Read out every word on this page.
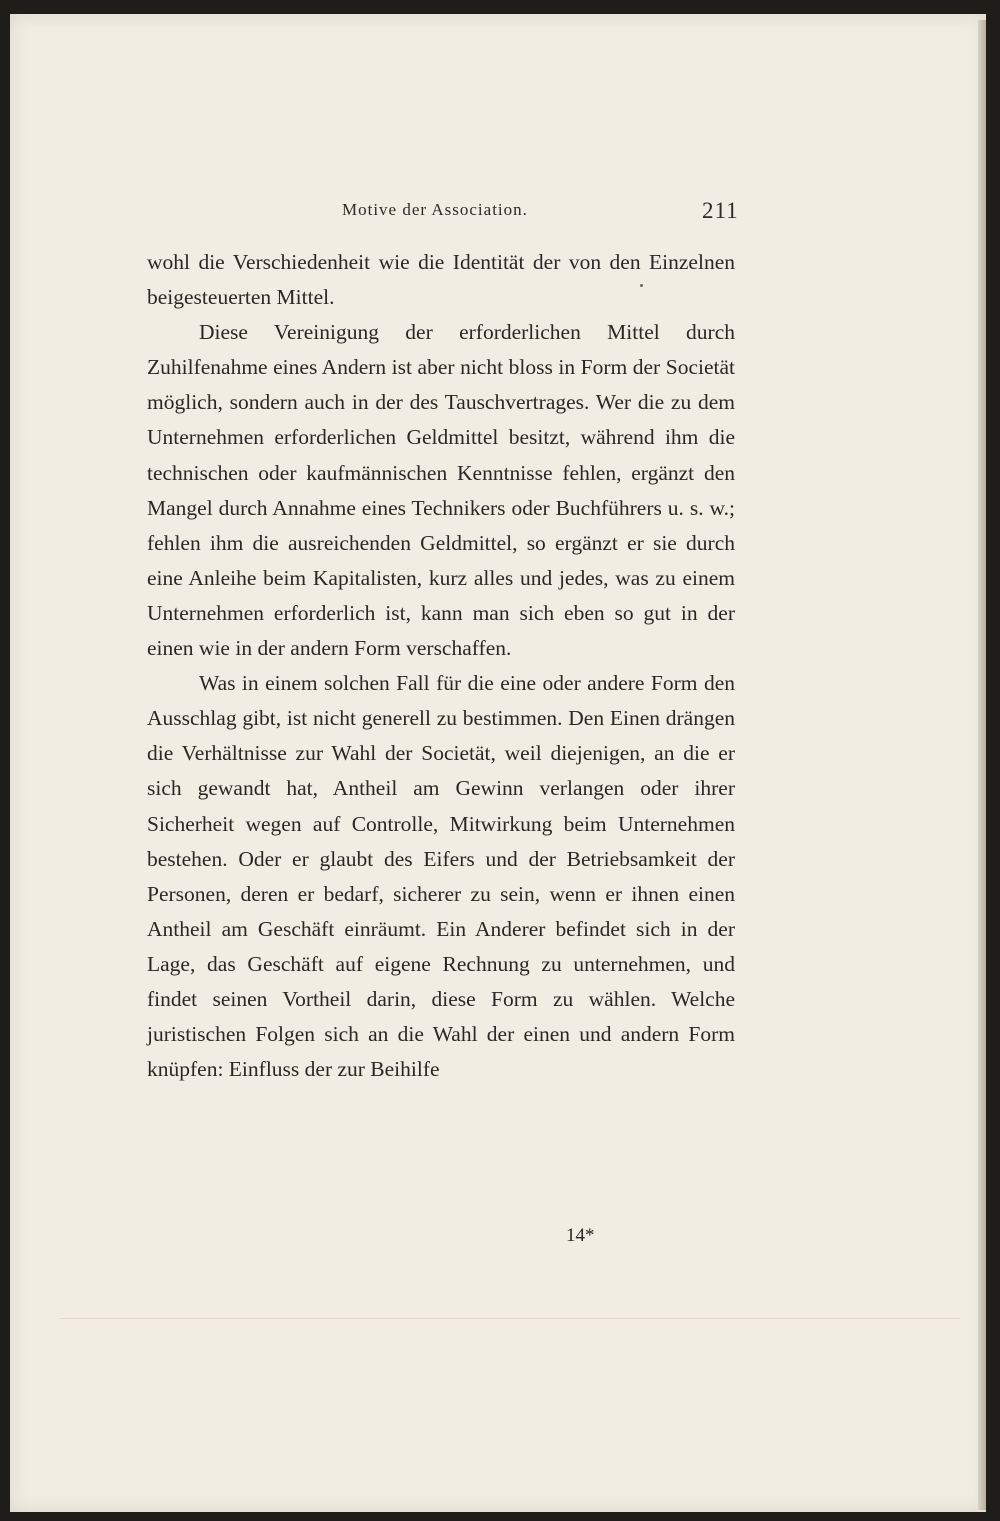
Motive der Association.	211

wohl die Verschiedenheit wie die Identität der von den Einzelnen beigesteuerten Mittel.

Diese Vereinigung der erforderlichen Mittel durch Zuhilfenahme eines Andern ist aber nicht bloss in Form der Societät möglich, sondern auch in der des Tauschvertrages. Wer die zu dem Unternehmen erforderlichen Geldmittel besitzt, während ihm die technischen oder kaufmännischen Kenntnisse fehlen, ergänzt den Mangel durch Annahme eines Technikers oder Buchführers u. s. w.; fehlen ihm die ausreichenden Geldmittel, so ergänzt er sie durch eine Anleihe beim Kapitalisten, kurz alles und jedes, was zu einem Unternehmen erforderlich ist, kann man sich eben so gut in der einen wie in der andern Form verschaffen.

Was in einem solchen Fall für die eine oder andere Form den Ausschlag gibt, ist nicht generell zu bestimmen. Den Einen drängen die Verhältnisse zur Wahl der Societät, weil diejenigen, an die er sich gewandt hat, Antheil am Gewinn verlangen oder ihrer Sicherheit wegen auf Controlle, Mitwirkung beim Unternehmen bestehen. Oder er glaubt des Eifers und der Betriebsamkeit der Personen, deren er bedarf, sicherer zu sein, wenn er ihnen einen Antheil am Geschäft einräumt. Ein Anderer befindet sich in der Lage, das Geschäft auf eigene Rechnung zu unternehmen, und findet seinen Vortheil darin, diese Form zu wählen. Welche juristischen Folgen sich an die Wahl der einen und andern Form knüpfen: Einfluss der zur Beihilfe

14*
